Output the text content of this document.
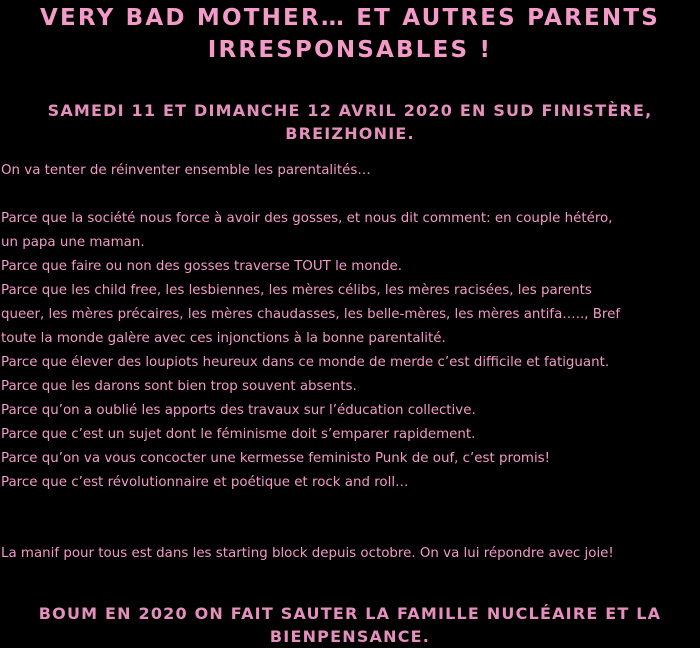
VERY BAD MOTHER… ET AUTRES PARENTS IRRESPONSABLES !
SAMEDI 11 ET DIMANCHE 12 AVRIL 2020 EN SUD FINISTÈRE, BREIZHONIE.
On va tenter de réinventer ensemble les parentalités…
Parce que la société nous force à avoir des gosses, et nous dit comment: en couple hétéro,
un papa une maman.
Parce que faire ou non des gosses traverse TOUT le monde.
Parce que les child free, les lesbiennes, les mères célibs, les mères racisées, les parents
queer, les mères précaires, les mères chaudasses, les belle-mères, les mères antifa….., Bref
toute la monde galère avec ces injonctions à la bonne parentalité.
Parce que élever des loupiots heureux dans ce monde de merde c’est difficile et fatiguant.
Parce que les darons sont bien trop souvent absents.
Parce qu’on a oublié les apports des travaux sur l’éducation collective.
Parce que c’est un sujet dont le féminisme doit s’emparer rapidement.
Parce qu’on va vous concocter une kermesse feministo Punk de ouf, c’est promis!
Parce que c’est révolutionnaire et poétique et rock and roll…

La manif pour tous est dans les starting block depuis octobre. On va lui répondre avec joie!

BOUM EN 2020 ON FAIT SAUTER LA FAMILLE NUCLÉAIRE ET LA BIENPENSANCE.
